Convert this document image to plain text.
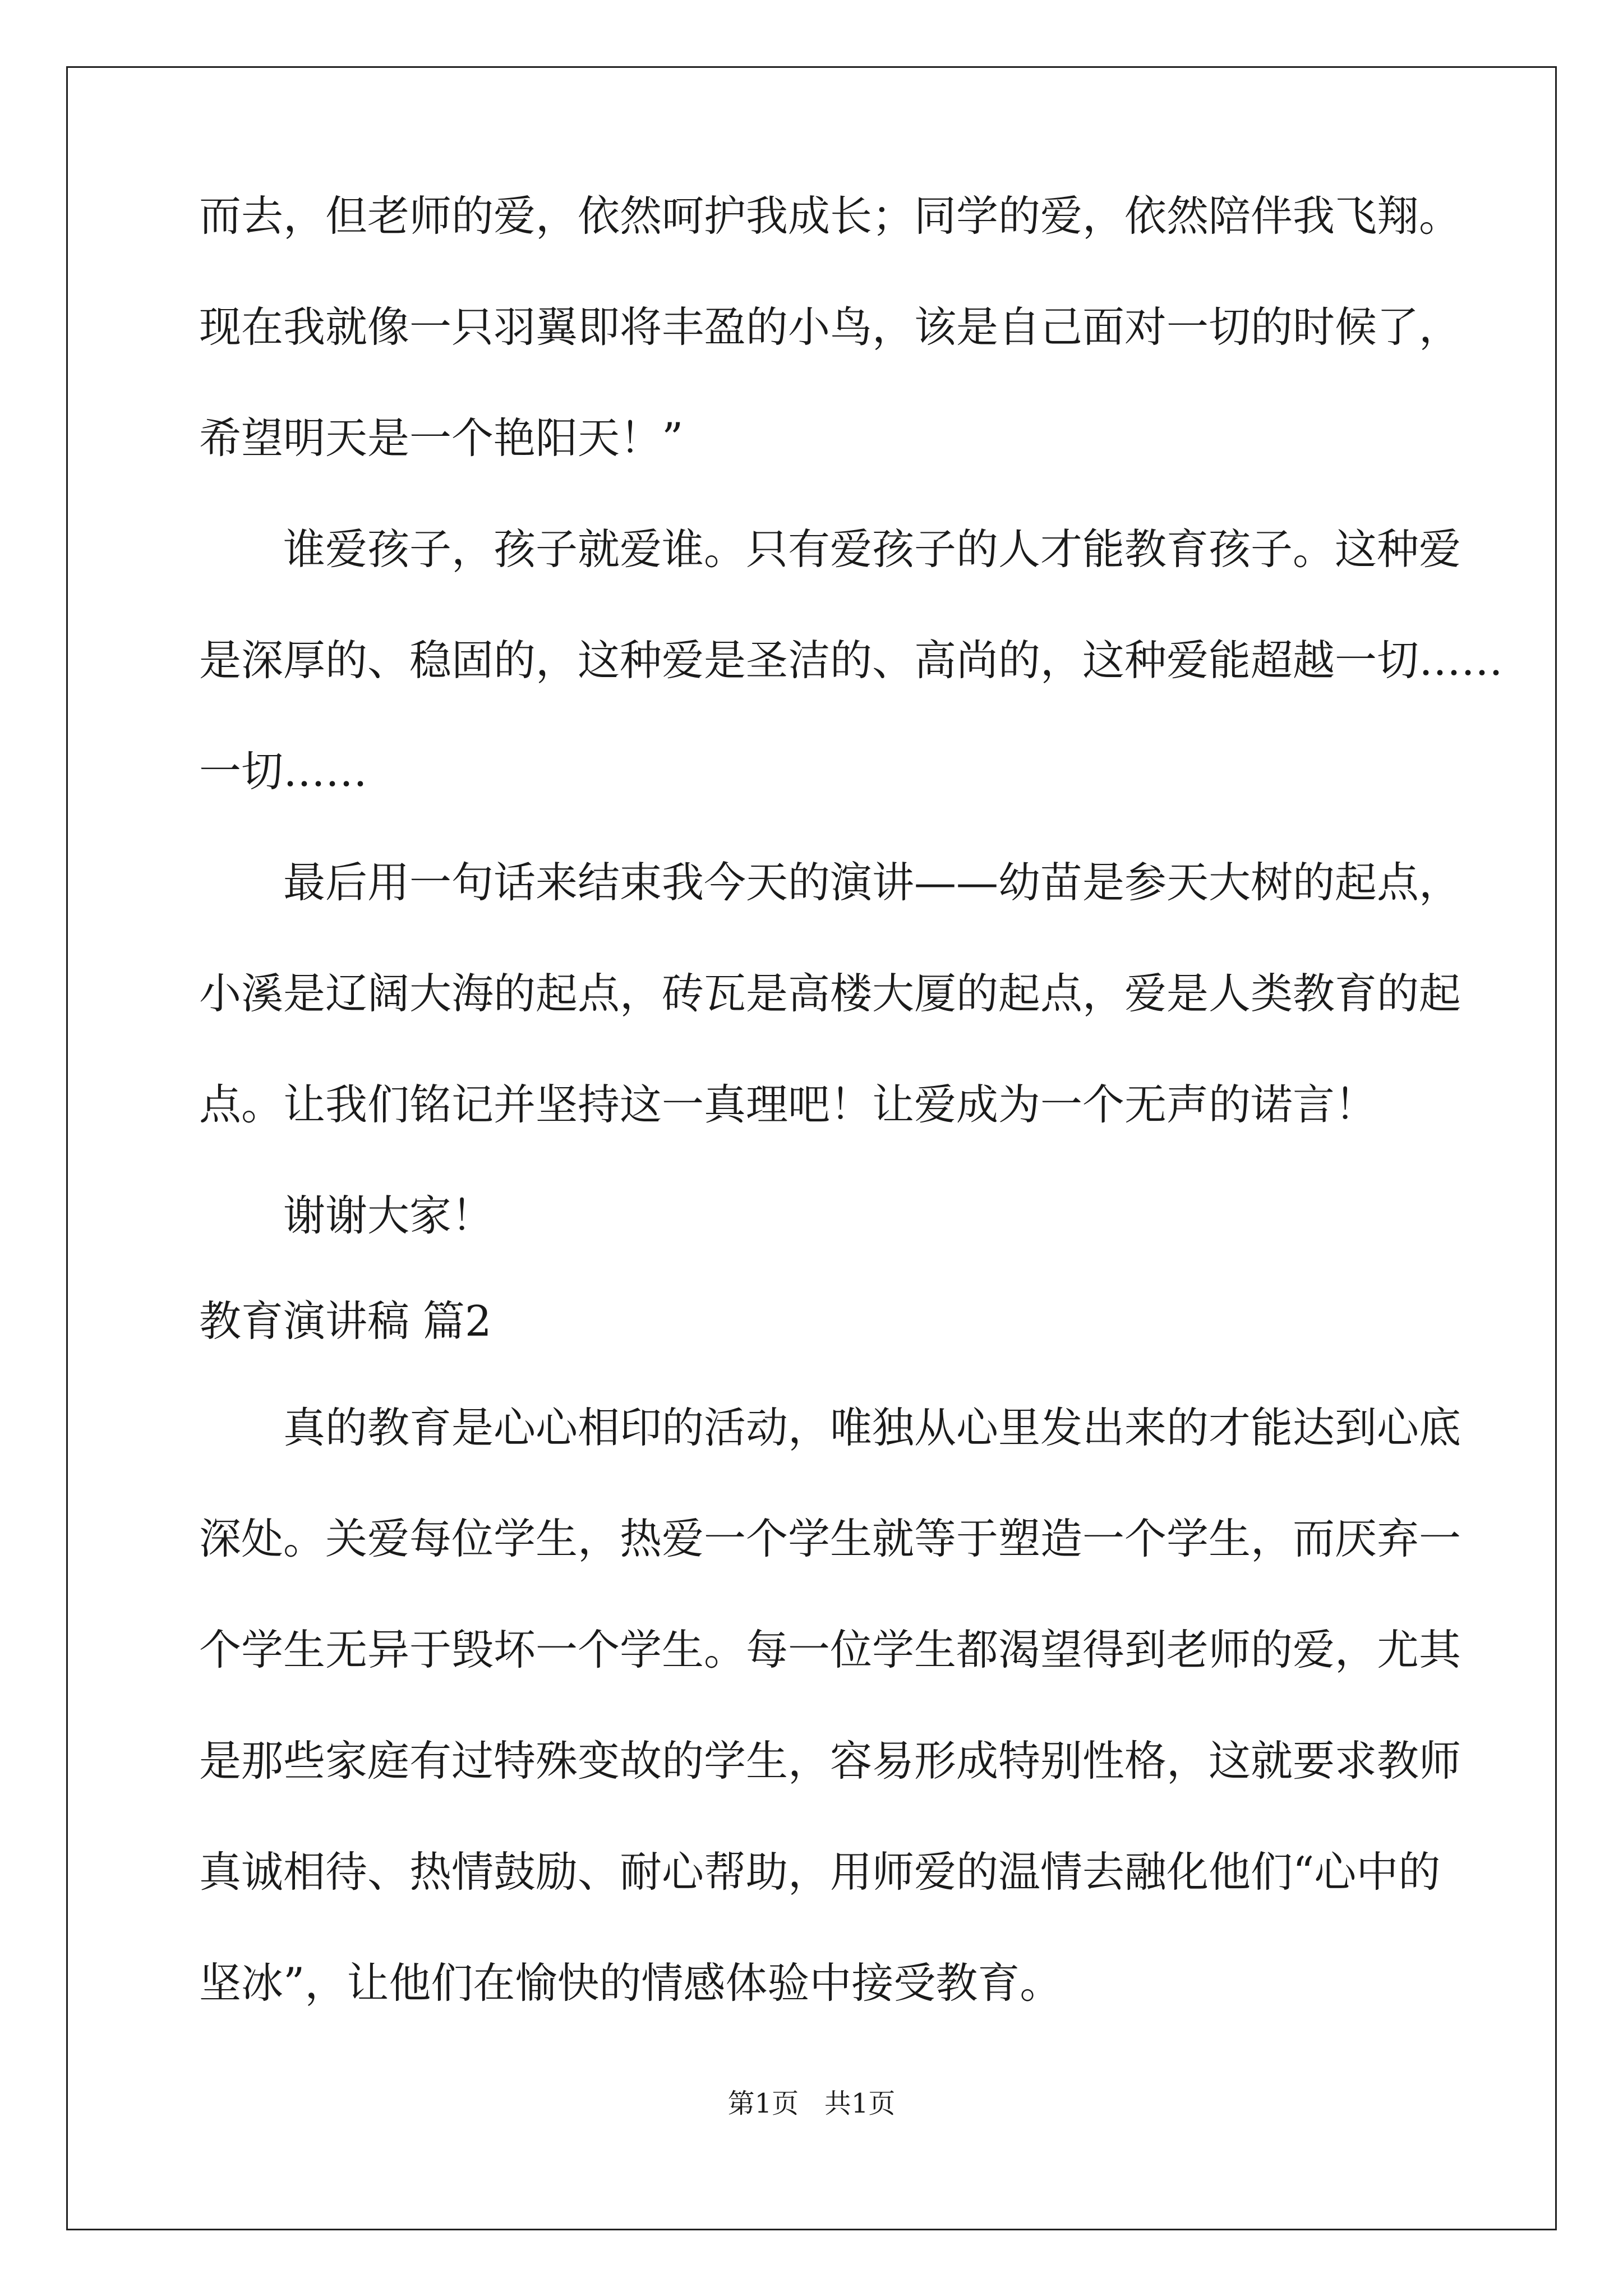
而去，但老师的爱，依然呵护我成长；同学的爱，依然陪伴我飞翔。

现在我就像一只羽翼即将丰盈的小鸟，该是自己面对一切的时候了，

希望明天是一个艳阳天！”

谁爱孩子，孩子就爱谁。只有爱孩子的人才能教育孩子。这种爱

是深厚的、稳固的，这种爱是圣洁的、高尚的，这种爱能超越一切……

一切……

最后用一句话来结束我今天的演讲——幼苗是参天大树的起点，

小溪是辽阔大海的起点，砖瓦是高楼大厦的起点，爱是人类教育的起

点。让我们铭记并坚持这一真理吧！让爱成为一个无声的诺言！

谢谢大家！

教育演讲稿 篇2

真的教育是心心相印的活动，唯独从心里发出来的才能达到心底

深处。关爱每位学生，热爱一个学生就等于塑造一个学生，而厌弃一

个学生无异于毁坏一个学生。每一位学生都渴望得到老师的爱，尤其

是那些家庭有过特殊变故的学生，容易形成特别性格，这就要求教师

真诚相待、热情鼓励、耐心帮助，用师爱的温情去融化他们“心中的

坚冰”，让他们在愉快的情感体验中接受教育。

第1页   共1页
